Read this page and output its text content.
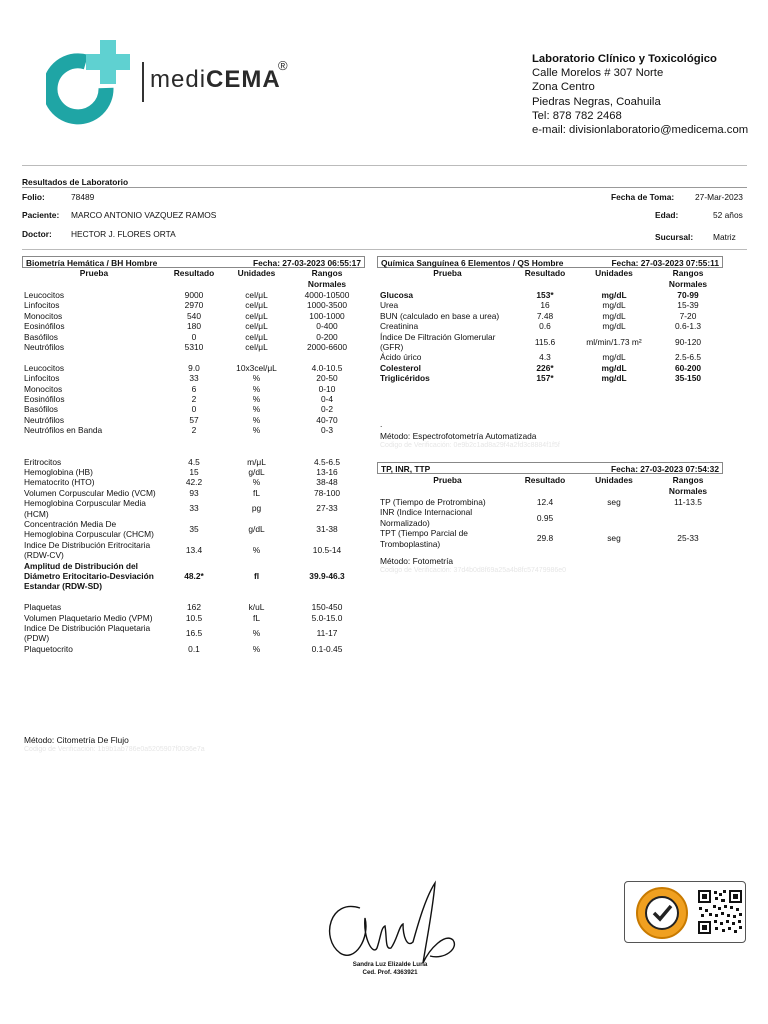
mediCEMA
®	Laboratorio Clínico y Toxicológico
Calle Morelos # 307 Norte
Zona Centro
Piedras Negras, Coahuila
Tel: 878 782 2468
e-mail: divisionlaboratorio@medicema.com
Resultados de Laboratorio
Folio:	78489
Paciente: MARCO ANTONIO VAZQUEZ RAMOS
Doctor: HECTOR J. FLORES ORTA
Fecha de Toma: 27-Mar-2023
Edad:	52 años
Sucursal: Matriz
Biometría Hemática / BH Hombre	Fecha: 27-03-2023 06:55:17
Prueba	Resultado	Unidades	Rangos
Normales
Leucocitos	9000	cel/μL	4000-10500
Linfocitos	2970	cel/μL	1000-3500
Monocitos	540	cel/μL	100-1000
Eosinófilos	180	cel/μL	0-400
Basófilos	0	cel/μL	0-200
Neutrófilos	5310	cel/μL	2000-6600

Leucocitos	9.0	10x3cel/μL	4.0-10.5
Linfocitos	33	%	20-50
Monocitos	6	%	0-10
Eosinófilos	2	%	0-4
Basófilos	0	%	0-2
Neutrófilos	57	%	40-70
Neutrófilos en Banda	2	%	0-3

Eritrocitos	4.5	m/μL	4.5-6.5
Hemoglobina (HB)	15	g/dL	13-16
Hematocrito (HTO)	42.2	%	38-48
Volumen Corpuscular Medio (VCM)	93	fL	78-100
Hemoglobina Corpuscular Media (HCM)	33	pg	27-33
Concentración Media De Hemoglobina Corpuscular (CHCM)	35	g/dL	31-38
Indice De Distribución Eritrocitaria (RDW-CV)	13.4	%	10.5-14
Amplitud de Distribución del Diámetro Eritocitario-Desviación Estandar (RDW-SD)	48.2*	fl	39.9-46.3

Plaquetas	162	k/uL	150-450
Volumen Plaquetario Medio (VPM)	10.5	fL	5.0-15.0
Indice De Distribución Plaquetaria (PDW)	16.5	%	11-17
Plaquetocrito	0.1	%	0.1-0.45
Método: Citometría De Flujo
Codigo de Verificación: 1b9b1ab786e0a5205907f0036e7a
Química Sanguínea 6 Elementos / QS Hombre	Fecha: 27-03-2023 07:55:11
Prueba	Resultado	Unidades	Rangos
Normales
Glucosa	153*	mg/dL	70-99
Urea	16	mg/dL	15-39
BUN (calculado en base a urea)	7.48	mg/dL	7-20
Creatinina	0.6	mg/dL	0.6-1.3
Índice De Filtración Glomerular (GFR)	115.6	ml/min/1.73 m²	90-120
Ácido úrico	4.3	mg/dL	2.5-6.5
Colesterol	226*	mg/dL	60-200
Triglicéridos	157*	mg/dL	35-150
.
Método: Espectrofotometría Automatizada
Codigo de Verificación: 0e9b2c1ad8a29f4a2fd3c8884f1f5f
TP, INR, TTP	Fecha: 27-03-2023 07:54:32
Prueba	Resultado	Unidades	Rangos
Normales
TP (Tiempo de Protrombina)	12.4	seg	11-13.5
INR (Indice Internacional Normalizado)	0.95		
TPT (Tiempo Parcial de Tromboplastina)	29.8	seg	25-33
Método: Fotometría
Codigo de Verificación: 37d4b0d8f69a25a4b8fc57479986e0
Sandra Luz Elizalde Luna
Ced. Prof. 4363921
